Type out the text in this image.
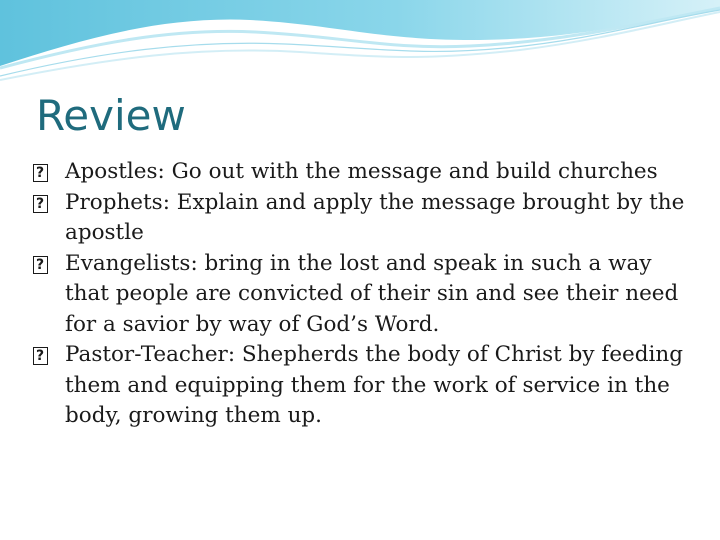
Review
?
Apostles: Go out with the message and build churches
?
Prophets: Explain and apply the message brought by the apostle
?
Evangelists: bring in the lost and speak in such a way that people are convicted of their sin and see their need for a savior by way of God’s Word.
?
Pastor-Teacher: Shepherds the body of Christ by feeding them and equipping them for the work of service in the body, growing them up.
